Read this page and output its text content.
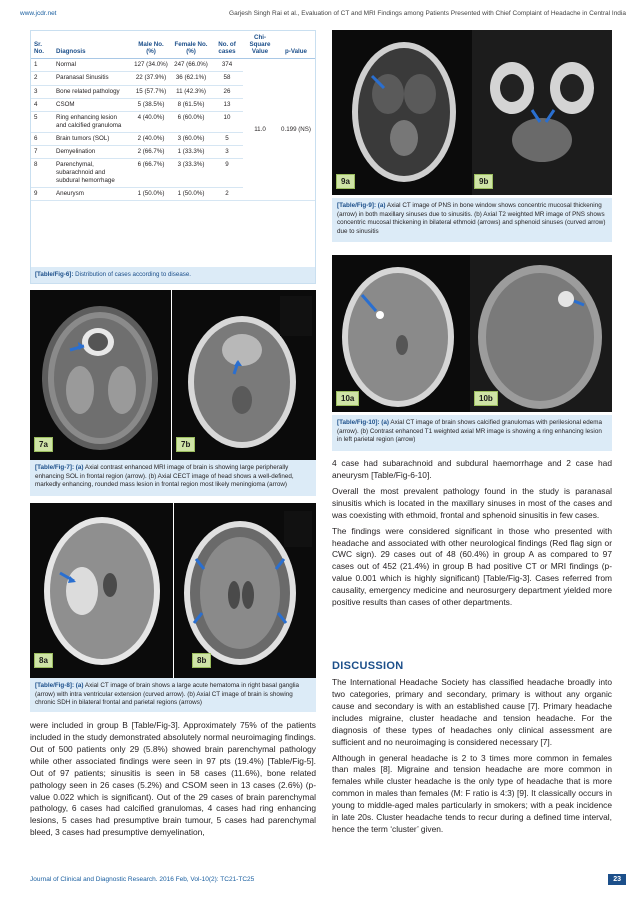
www.jcdr.net	Garjesh Singh Rai et al., Evaluation of CT and MRI Findings among Patients Presented with Chief Complaint of Headache in Central India
Sr. No.	Diagnosis	Male No. (%)	Female No. (%)	No. of cases	Chi-Square Value	p-Value
1	Normal	127 (34.0%)	247 (66.0%)	374	11.0	0.199 (NS)
2	Paranasal Sinusitis	22 (37.9%)	36 (62.1%)	58		
3	Bone related pathology	15 (57.7%)	11 (42.3%)	26		
4	CSOM	5 (38.5%)	8 (61.5%)	13		
5	Ring enhancing lesion and calcified granuloma	4 (40.0%)	6 (60.0%)	10		
6	Brain tumors (SOL)	2 (40.0%)	3 (60.0%)	5		
7	Demyelination	2 (66.7%)	1 (33.3%)	3		
8	Parenchymal, subarachnoid and subdural hemorrhage	6 (66.7%)	3 (33.3%)	9		
9	Aneurysm	1 (50.0%)	1 (50.0%)	2		
[Table/Fig-6]: Distribution of cases according to disease.
7a	7b
[Table/Fig-7]: (a) Axial contrast enhanced MRI image of brain is showing large peripherally enhancing SOL in frontal region (arrow). (b) Axial CECT image of head shows a well-defined, markedly enhancing, rounded mass lesion in frontal region most likely meningioma (arrow)
8a	8b
[Table/Fig-8]: (a) Axial CT image of brain shows a large acute hematoma in right basal ganglia (arrow) with intra ventricular extension (curved arrow). (b) Axial CT image of brain is showing chronic SDH in bilateral frontal and parietal regions (arrows)

were included in group B [Table/Fig-3]. Approximately 75% of the patients included in the study demonstrated absolutely normal neuroimaging findings. Out of 500 patients only 29 (5.8%) showed brain parenchymal pathology while other associated findings were seen in 97 pts (19.4%) [Table/Fig-5]. Out of 97 patients; sinusitis is seen in 58 cases (11.6%), bone related pathology seen in 26 cases (5.2%) and CSOM seen in 13 cases (2.6%) (p-value 0.022 which is significant). Out of the 29 cases of brain parenchymal pathology, 6 cases had calcified granulomas, 4 cases had ring enhancing lesions, 5 cases had presumptive brain tumour, 5 cases had parenchymal bleed, 3 cases had presumptive demyelination,

9a	9b
[Table/Fig-9]: (a) Axial CT image of PNS in bone window shows concentric mucosal thickening (arrow) in both maxillary sinuses due to sinusitis. (b) Axial T2 weighted MR image of PNS shows concentric mucosal thickening in bilateral ethmoid (arrows) and sphenoid sinuses (curved arrow) due to sinusitis
10a	10b
[Table/Fig-10]: (a) Axial CT image of brain shows calcified granulomas with perilesional edema (arrow). (b) Contrast enhanced T1 weighted axial MR image is showing a ring enhancing lesion in left parietal region (arrow)

4 case had subarachnoid and subdural haemorrhage and 2 case had aneurysm [Table/Fig-6-10].

Overall the most prevalent pathology found in the study is paranasal sinusitis which is located in the maxillary sinuses in most of the cases and was coexisting with ethmoid, frontal and sphenoid sinusitis in few cases.

The findings were considered significant in those who presented with headache and associated with other neurological findings (Red flag sign or CWC sign). 29 cases out of 48 (60.4%) in group A as compared to 97 cases out of 452 (21.4%) in group B had positive CT or MRI findings (p-value 0.001 which is highly significant) [Table/Fig-3]. Cases referred from causality, emergency medicine and neurosurgery department yielded more positive results than cases of other departments.

DISCUSSION

The International Headache Society has classified headache broadly into two categories, primary and secondary, primary is without any organic cause and secondary is with an established cause [7]. Primary headache includes migraine, cluster headache and tension headache. For the diagnosis of these types of headaches only clinical assessment are sufficient and no neuroimaging is considered necessary [7].

Although in general headache is 2 to 3 times more common in females than males [8]. Migraine and tension headache are more common in females while cluster headache is the only type of headache that is more common in males than females (M: F ratio is 4:3) [9]. It classically occurs in young to middle-aged males particularly in smokers; with a peak incidence in late 20s. Cluster headache tends to recur during a defined time interval, hence the term ‘cluster’ given.

Journal of Clinical and Diagnostic Research. 2016 Feb, Vol-10(2): TC21-TC25	23
